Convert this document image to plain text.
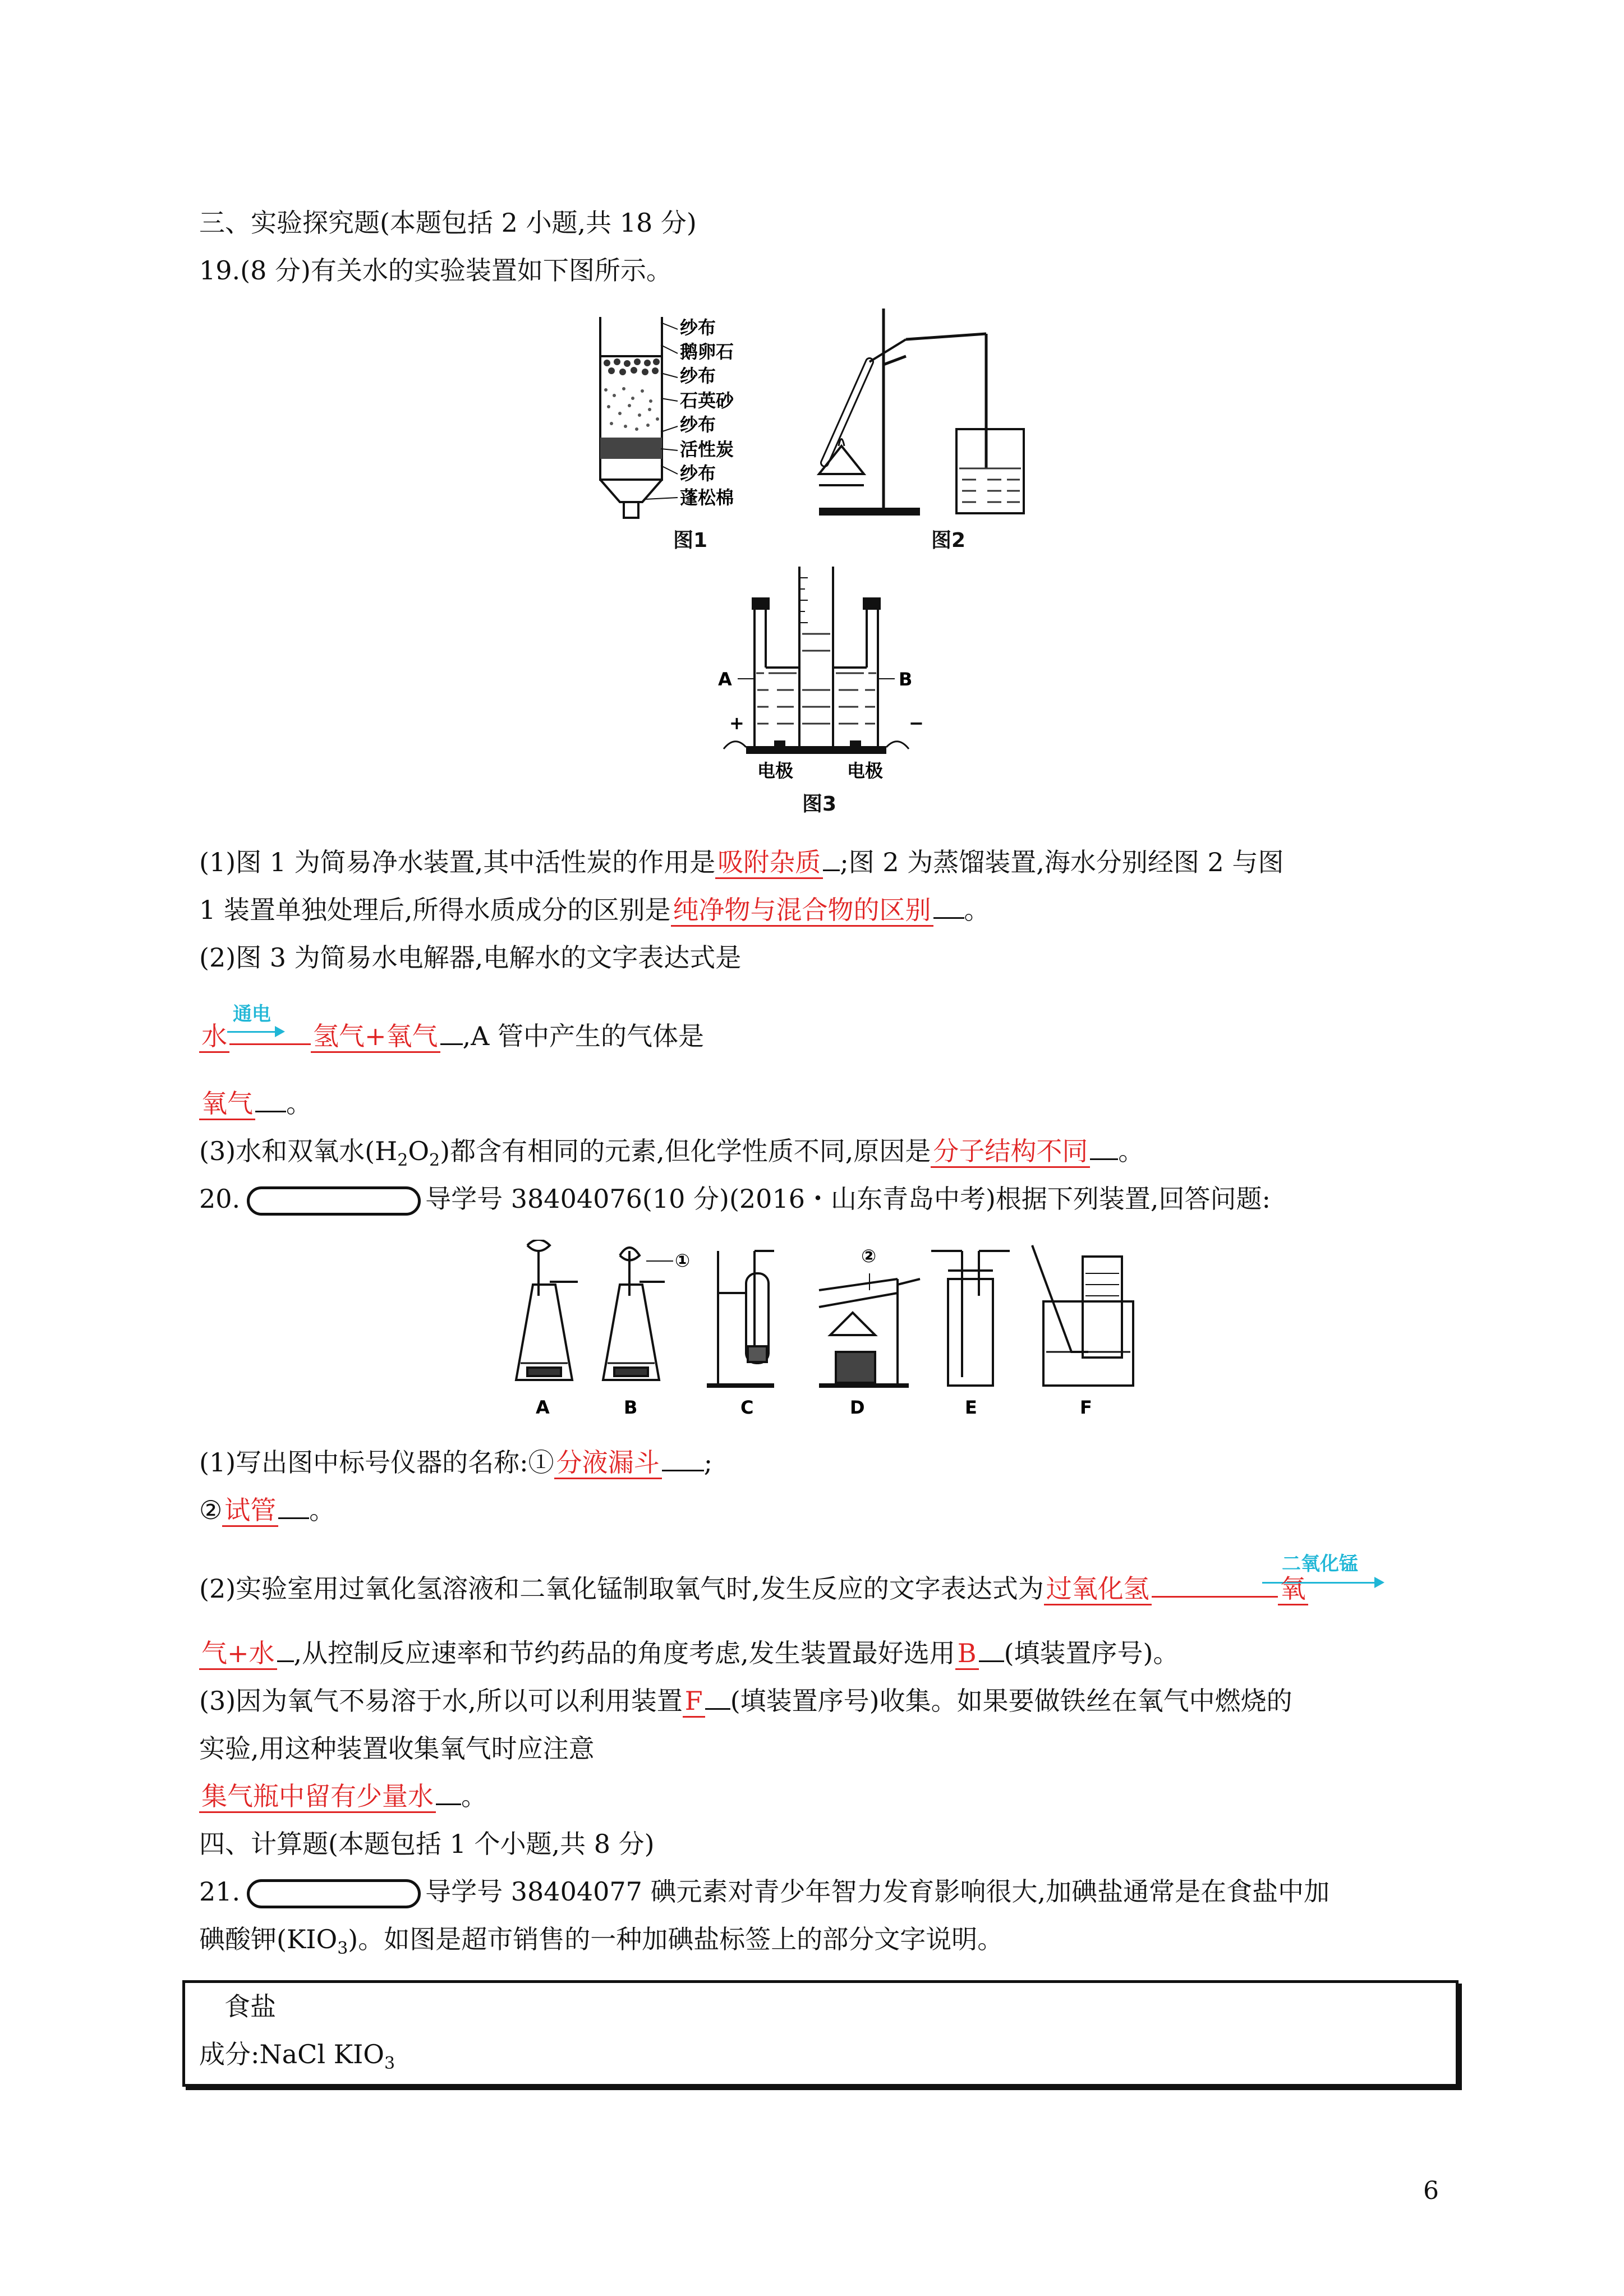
三、实验探究题(本题包括 2 小题,共 18 分)
19.(8 分)有关水的实验装置如下图所示。
纱布
鹅卵石
纱布
石英砂
纱布
活性炭
纱布
蓬松棉
图1	图2
A	B
+	−
电极	电极
图3
(1)图 1 为简易净水装置,其中活性炭的作用是吸附杂质 ;图 2 为蒸馏装置,海水分别经图 2 与图
1 装置单独处理后,所得水质成分的区别是纯净物与混合物的区别 。
(2)图 3 为简易水电解器,电解水的文字表达式是
通电
水	氢气+氧气 ,A 管中产生的气体是
氧气 。
(3)水和双氧水$(H_2O_2)$都含有相同的元素,但化学性质不同,原因是分子结构不同 。
20.	导学号 38404076(10 分)(2016・山东青岛中考)根据下列装置,回答问题:
①	②
A	B	C	D	E	F
(1)写出图中标号仪器的名称:①分液漏斗 ;
②试管 。
二氧化锰
(2)实验室用过氧化氢溶液和二氧化锰制取氧气时,发生反应的文字表达式为过氧化氢	氧
气+水 ,从控制反应速率和节约药品的角度考虑,发生装置最好选用B (填装置序号)。
(3)因为氧气不易溶于水,所以可以利用装置F (填装置序号)收集。如果要做铁丝在氧气中燃烧的
实验,用这种装置收集氧气时应注意
集气瓶中留有少量水 。
四、计算题(本题包括 1 个小题,共 8 分)
21.	导学号 38404077 碘元素对青少年智力发育影响很大,加碘盐通常是在食盐中加
碘酸钾$(KIO_3)$。如图是超市销售的一种加碘盐标签上的部分文字说明。
食盐
成分:NaCl $KIO_3$
6
